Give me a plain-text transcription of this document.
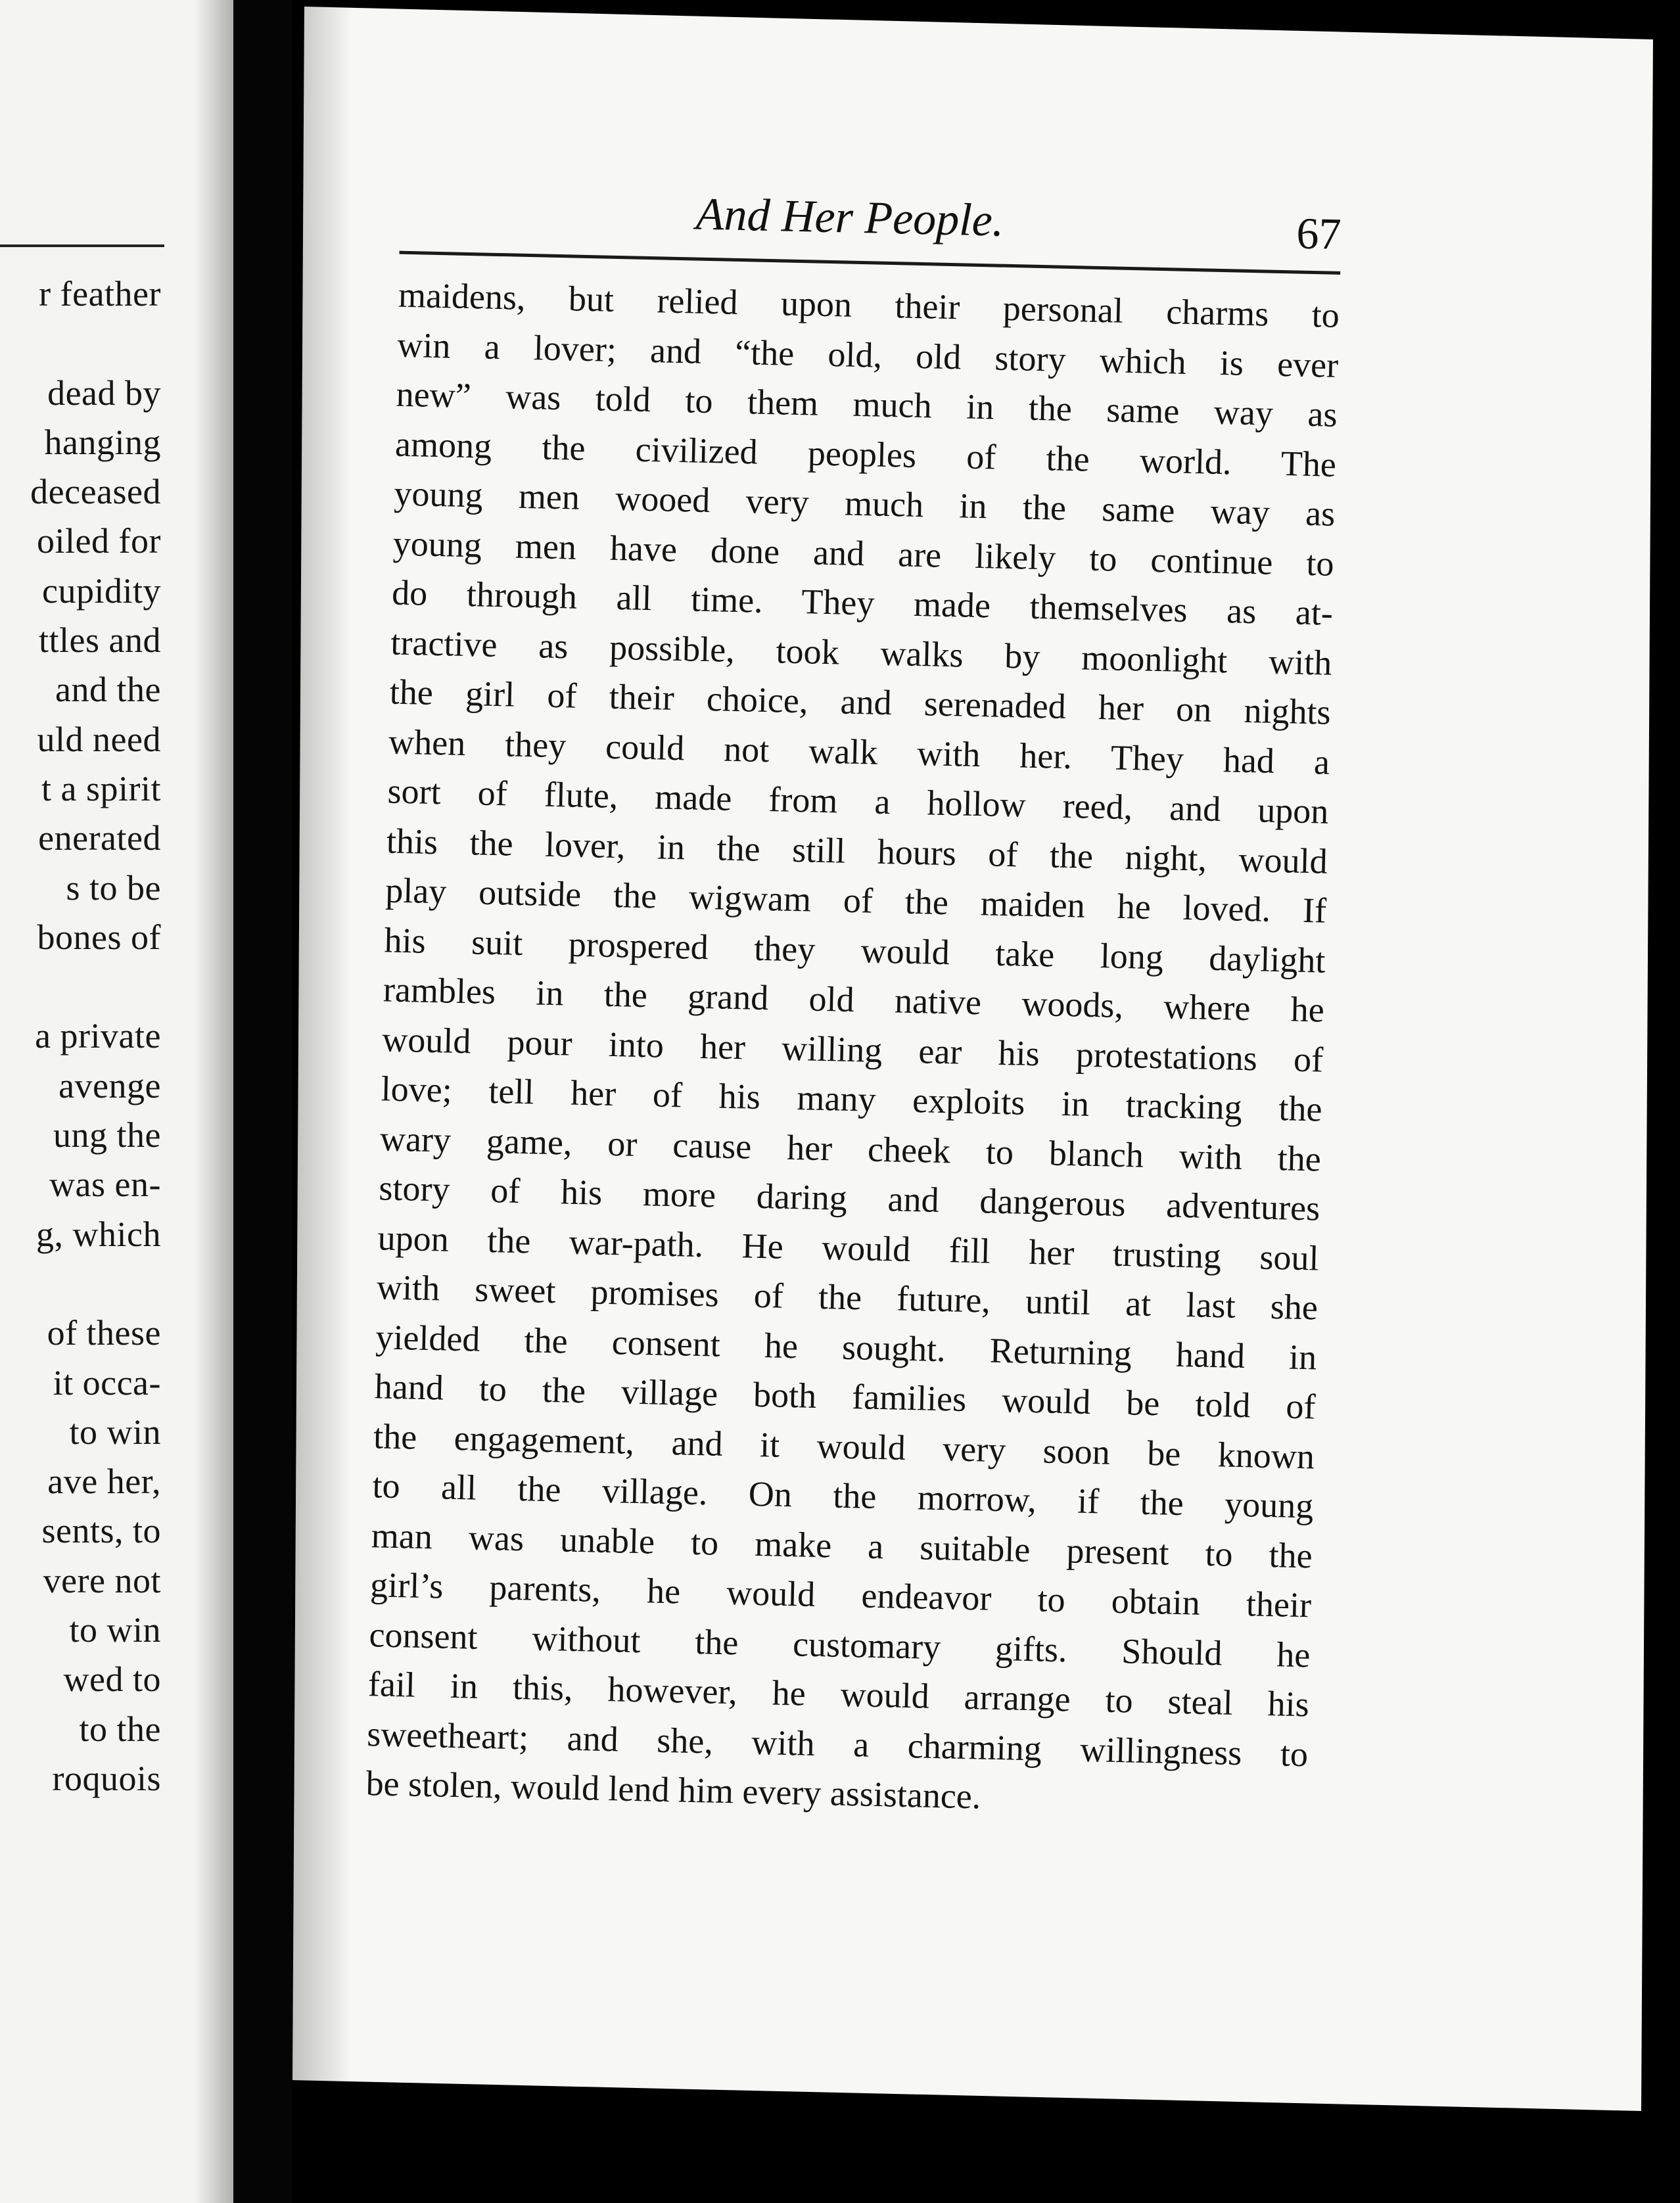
r feather
dead by
hanging
deceased
oiled for
cupidity
ttles and
and the
uld need
t a spirit
enerated
s to be
bones of
a private
avenge
ung the
was en-
g, which
of these
it occa-
to win
ave her,
sents, to
vere not
to win
wed to
to the
roquois
And Her People.	67
maidens, but relied upon their personal charms to
win a lover; and “the old, old story which is ever
new” was told to them much in the same way as
among the civilized peoples of the world. The
young men wooed very much in the same way as
young men have done and are likely to continue to
do through all time. They made themselves as at-
tractive as possible, took walks by moonlight with
the girl of their choice, and serenaded her on nights
when they could not walk with her. They had a
sort of flute, made from a hollow reed, and upon
this the lover, in the still hours of the night, would
play outside the wigwam of the maiden he loved. If
his suit prospered they would take long daylight
rambles in the grand old native woods, where he
would pour into her willing ear his protestations of
love; tell her of his many exploits in tracking the
wary game, or cause her cheek to blanch with the
story of his more daring and dangerous adventures
upon the war-path. He would fill her trusting soul
with sweet promises of the future, until at last she
yielded the consent he sought. Returning hand in
hand to the village both families would be told of
the engagement, and it would very soon be known
to all the village. On the morrow, if the young
man was unable to make a suitable present to the
girl’s parents, he would endeavor to obtain their
consent without the customary gifts. Should he
fail in this, however, he would arrange to steal his
sweetheart; and she, with a charming willingness to
be stolen, would lend him every assistance.
